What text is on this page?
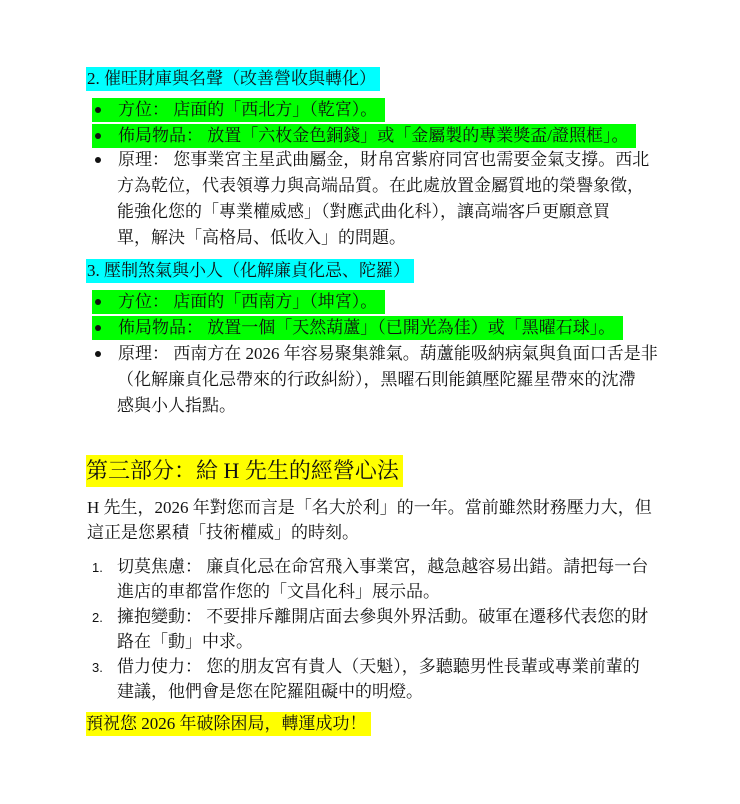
2. 催旺財庫與名聲（改善營收與轉化）
方位： 店面的「西北方」（乾宮）。
佈局物品： 放置「六枚金色銅錢」或「金屬製的專業獎盃/證照框」。
原理： 您事業宮主星武曲屬金，財帛宮紫府同宮也需要金氣支撐。西北
方為乾位，代表領導力與高端品質。在此處放置金屬質地的榮譽象徵，
能強化您的「專業權威感」（對應武曲化科），讓高端客戶更願意買
單，解決「高格局、低收入」的問題。
3. 壓制煞氣與小人（化解廉貞化忌、陀羅）
方位： 店面的「西南方」（坤宮）。
佈局物品： 放置一個「天然葫蘆」（已開光為佳）或「黑曜石球」。
原理： 西南方在 2026 年容易聚集雜氣。葫蘆能吸納病氣與負面口舌是非
（化解廉貞化忌帶來的行政糾紛），黑曜石則能鎮壓陀羅星帶來的沈滯
感與小人指點。
第三部分：給 H 先生的經營心法
H 先生，2026 年對您而言是「名大於利」的一年。當前雖然財務壓力大，但
這正是您累積「技術權威」的時刻。
1. 切莫焦慮： 廉貞化忌在命宮飛入事業宮，越急越容易出錯。請把每一台
進店的車都當作您的「文昌化科」展示品。
2. 擁抱變動： 不要排斥離開店面去參與外界活動。破軍在遷移代表您的財
路在「動」中求。
3. 借力使力： 您的朋友宮有貴人（天魁），多聽聽男性長輩或專業前輩的
建議，他們會是您在陀羅阻礙中的明燈。
預祝您 2026 年破除困局，轉運成功！
